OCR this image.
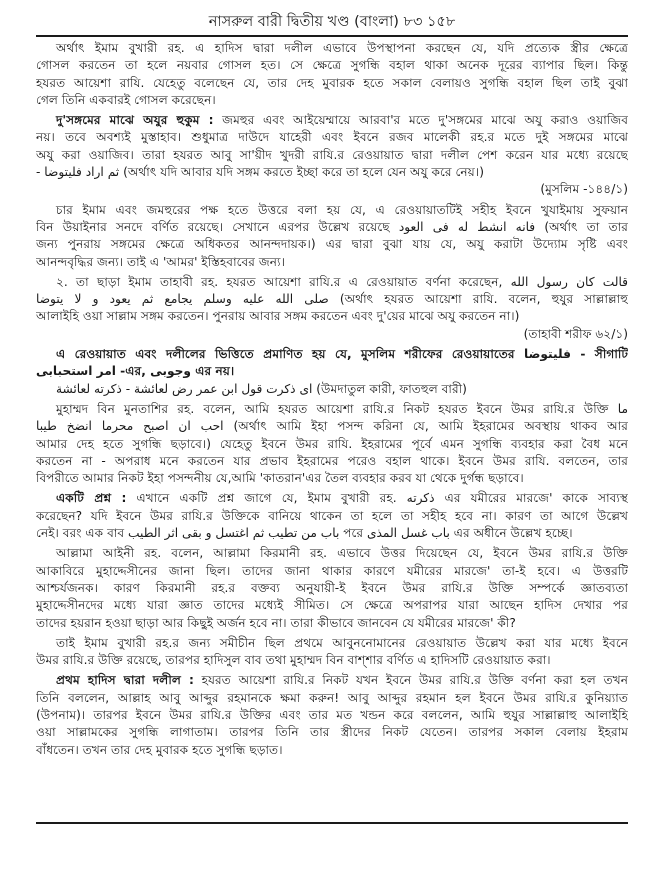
নাসরুল বারী দ্বিতীয় খণ্ড (বাংলা) ৮৩ ১৫৮
অর্থাৎ ইমাম বুখারী রহ. এ হাদিস দ্বারা দলীল এভাবে উপস্থাপনা করছেন যে, যদি প্রত্যেক স্ত্রীর ক্ষেত্রে
গোসল করতেন তা হলে নয়বার গোসল হত। সে ক্ষেত্রে সুগন্ধি বহাল থাকা অনেক দূরের ব্যাপার ছিল। কিন্তু
হযরত আয়েশা রাযি. যেহেতু বলেছেন যে, তার দেহ মুবারক হতে সকাল বেলায়ও সুগন্ধি বহাল ছিল তাই বুঝা
গেল তিনি একবারই গোসল করেছেন।
দু'সঙ্গমের মাঝে অযুর হুকুম : জমহুর এবং আইয়েম্মায়ে আরবা'র মতে দু'সঙ্গমের মাঝে অযু করাও ওয়াজিব
নয়। তবে অবশ্যই মুস্তাহাব। শুধুমাত্র দাউদে যাহেরী এবং ইবনে রজব মালেকী রহ.র মতে দুই সঙ্গমের মাঝে
অযু করা ওয়াজিব। তারা হযরত আবু সা'য়ীদ খুদরী রাযি.র রেওয়ায়াত দ্বারা দলীল পেশ করেন যার মধ্যে রয়েছে
- ثم اراد فليتوضا (অর্থাৎ যদি আবার যদি সঙ্গম করতে ইচ্ছা করে তা হলে যেন অযু করে নেয়।)
(মুসলিম -১৪৪/১)
চার ইমাম এবং জমহুরের পক্ষ হতে উত্তরে বলা হয় যে, এ রেওয়ায়াতটিই সহীহ ইবনে খুযাইমায় সুফয়ান
বিন উয়াইনার সনদে বর্ণিত রয়েছে। সেখানে এরপর উল্লেখ রয়েছে فانه انشط له فى العود (অর্থাৎ তা তার
জন্য পুনরায় সঙ্গমের ক্ষেত্রে অধিকতর আনন্দদায়ক।) এর দ্বারা বুঝা যায় যে, অযু করাটা উদ্যোম সৃষ্টি এবং
আনন্দবৃদ্ধির জন্য। তাই এ 'আমর' ইস্তিহবাবের জন্য।
২. তা ছাড়া ইমাম তাহাবী রহ. হযরত আয়েশা রাযি.র এ রেওয়ায়াত বর্ণনা করেছেন, قالت كان رسول الله
صلى الله عليه وسلم يجامع ثم يعود و لا يتوضا (অর্থাৎ হযরত আয়েশা রাযি. বলেন, হুযুর সাল্লাল্লাহু
আলাইহি ওয়া সাল্লাম সঙ্গম করতেন। পুনরায় আবার সঙ্গম করতেন এবং দু'য়ের মাঝে অযু করতেন না।)
(তাহাবী শরীফ ৬২/১)
এ রেওয়ায়াত এবং দলীলের ভিত্তিতে প্রমাণিত হয় যে, মুসলিম শরীফের রেওয়ায়াতের فليتوضا - সীগাটি
امر استحبابى -এর, وجوبى এর নয়।
اى ذكرت قول ابن عمر رض لعائشة - ذكرته لعائشة (উমদাতুল কারী, ফাতহুল বারী)
মুহাম্মদ বিন মুনতাশির রহ. বলেন, আমি হযরত আয়েশা রাযি.র নিকট হযরত ইবনে উমর রাযি.র উক্তি ما
احب ان اصبح محرما انضخ طيبا (অর্থাৎ আমি ইহা পসন্দ করিনা যে, আমি ইহরামের অবস্থায় থাকব আর
আমার দেহ হতে সুগন্ধি ছড়াবে।) যেহেতু ইবনে উমর রাযি. ইহরামের পূর্বে এমন সুগন্ধি ব্যবহার করা বৈধ মনে
করতেন না - অপরাধ মনে করতেন যার প্রভাব ইহরামের পরেও বহাল থাকে। ইবনে উমর রাযি. বলতেন, তার
বিপরীতে আমার নিকট ইহা পসন্দনীয় যে,আমি 'কাতরান'এর তৈল ব্যবহার করব যা থেকে দুর্গন্ধ ছড়াবে।
একটি প্রশ্ন : এখানে একটি প্রশ্ন জাগে যে, ইমাম বুখারী রহ. ذكرته এর যমীরের মারজে' কাকে সাব্যস্থ
করেছেন? যদি ইবনে উমর রাযি.র উক্তিকে বানিয়ে থাকেন তা হলে তা সহীহ হবে না। কারণ তা আগে উল্লেখ
নেই। বরং এক বাব باب من تطيب ثم اغتسل و بقى اثر الطيب পরে باب غسل المذى এর অধীনে উল্লেখ হচ্ছে।
আল্লামা আইনী রহ. বলেন, আল্লামা কিরমানী রহ. এভাবে উত্তর দিয়েছেন যে, ইবনে উমর রাযি.র উক্তি
আকাবিরে মুহাদ্দেসীনের জানা ছিল। তাদের জানা থাকার কারণে যমীরের মারজে' তা-ই হবে। এ উত্তরটি
আশ্চর্যজনক। কারণ কিরমানী রহ.র বক্তব্য অনুযায়ী-ই ইবনে উমর রাযি.র উক্তি সম্পর্কে জ্ঞাতব্যতা
মুহাদ্দেসীনদের মধ্যে যারা জ্ঞাত তাদের মধ্যেই সীমিত। সে ক্ষেত্রে অপরাপর যারা আছেন হাদিস দেখার পর
তাদের হয়রান হওয়া ছাড়া আর কিছুই অর্জন হবে না। তারা কীভাবে জানবেন যে যমীরের মারজে' কী?
তাই ইমাম বুখারী রহ.র জন্য সমীচীন ছিল প্রথমে আবুননোমানের রেওয়ায়াত উল্লেখ করা যার মধ্যে ইবনে
উমর রাযি.র উক্তি রয়েছে, তারপর হাদিসুল বাব তথা মুহাম্মদ বিন বাশ্শার বর্ণিত এ হাদিসটি রেওয়ায়াত করা।
প্রথম হাদিস দ্বারা দলীল : হযরত আয়েশা রাযি.র নিকট যখন ইবনে উমর রাযি.র উক্তি বর্ণনা করা হল তখন
তিনি বললেন, আল্লাহ আবু আব্দুর রহমানকে ক্ষমা করুন! আবু আব্দুর রহমান হল ইবনে উমর রাযি.র কুনিয়্যাত
(উপনাম)। তারপর ইবনে উমর রাযি.র উক্তির এবং তার মত খন্ডন করে বললেন, আমি হুযুর সাল্লাল্লাহু আলাইহি
ওয়া সাল্লামকের সুগন্ধি লাগাতাম। তারপর তিনি তার স্ত্রীদের নিকট যেতেন। তারপর সকাল বেলায় ইহরাম
বাঁধতেন। তখন তার দেহ মুবারক হতে সুগন্ধি ছড়াত।
